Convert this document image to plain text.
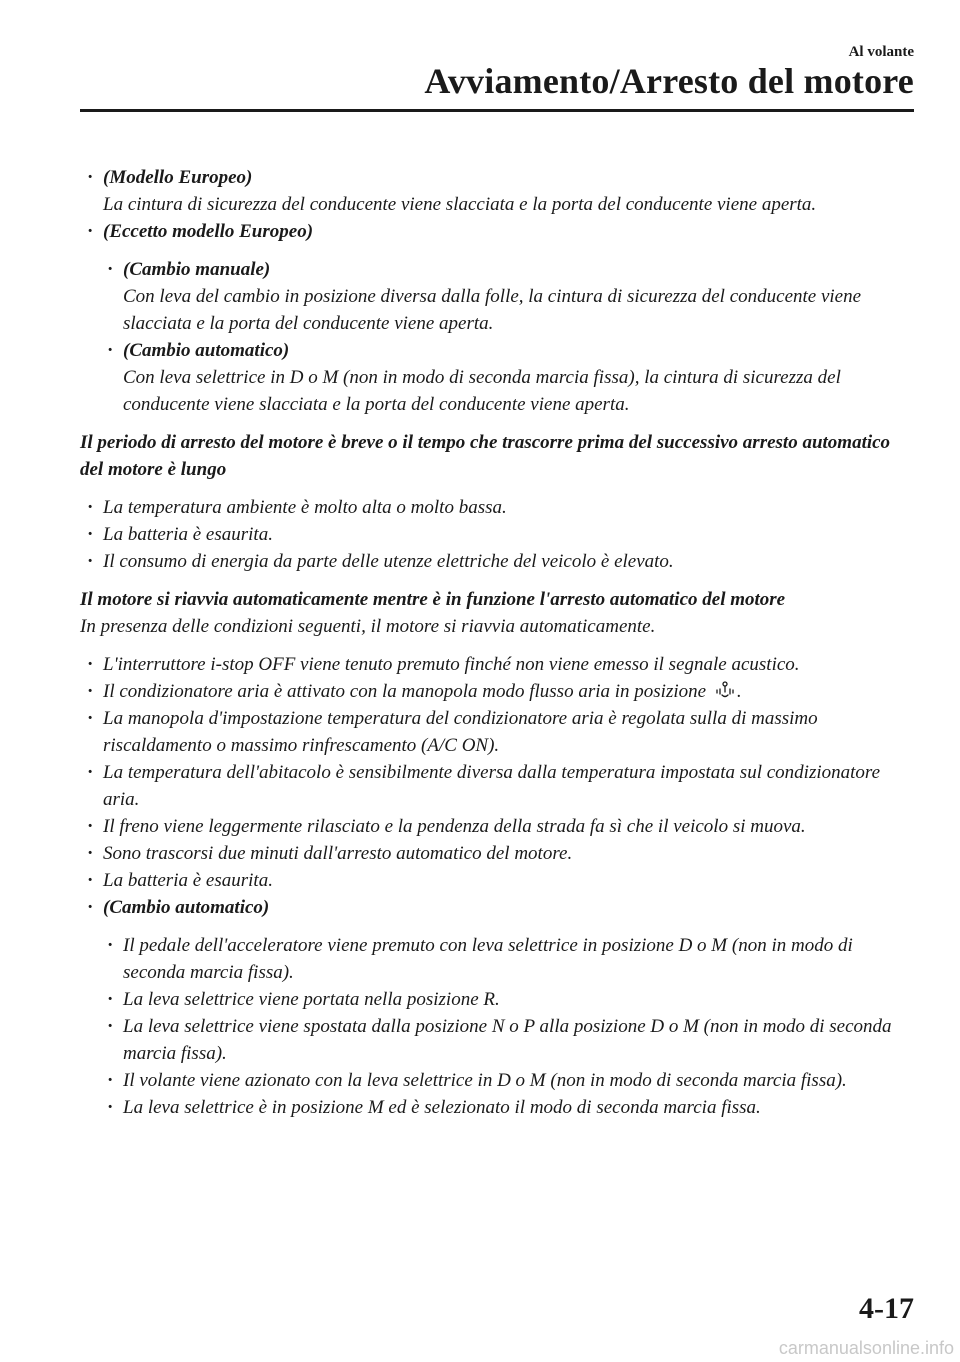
Al volante
Avviamento/Arresto del motore

· (Modello Europeo)
La cintura di sicurezza del conducente viene slacciata e la porta del conducente viene aperta.

· (Eccetto modello Europeo)

· (Cambio manuale)
Con leva del cambio in posizione diversa dalla folle, la cintura di sicurezza del conducente viene slacciata e la porta del conducente viene aperta.

· (Cambio automatico)
Con leva selettrice in D o M (non in modo di seconda marcia fissa), la cintura di sicurezza del conducente viene slacciata e la porta del conducente viene aperta.

Il periodo di arresto del motore è breve o il tempo che trascorre prima del successivo arresto automatico del motore è lungo

· La temperatura ambiente è molto alta o molto bassa.

· La batteria è esaurita.

· Il consumo di energia da parte delle utenze elettriche del veicolo è elevato.

Il motore si riavvia automaticamente mentre è in funzione l'arresto automatico del motore

In presenza delle condizioni seguenti, il motore si riavvia automaticamente.

· L'interruttore i-stop OFF viene tenuto premuto finché non viene emesso il segnale acustico.

· Il condizionatore aria è attivato con la manopola modo flusso aria in posizione .

· La manopola d'impostazione temperatura del condizionatore aria è regolata sulla di massimo riscaldamento o massimo rinfrescamento (A/C ON).

· La temperatura dell'abitacolo è sensibilmente diversa dalla temperatura impostata sul condizionatore aria.

· Il freno viene leggermente rilasciato e la pendenza della strada fa sì che il veicolo si muova.

· Sono trascorsi due minuti dall'arresto automatico del motore.

· La batteria è esaurita.

· (Cambio automatico)

· Il pedale dell'acceleratore viene premuto con leva selettrice in posizione D o M (non in modo di seconda marcia fissa).

· La leva selettrice viene portata nella posizione R.

· La leva selettrice viene spostata dalla posizione N o P alla posizione D o M (non in modo di seconda marcia fissa).

· Il volante viene azionato con la leva selettrice in D o M (non in modo di seconda marcia fissa).

· La leva selettrice è in posizione M ed è selezionato il modo di seconda marcia fissa.

4-17
carmanualsonline.info
